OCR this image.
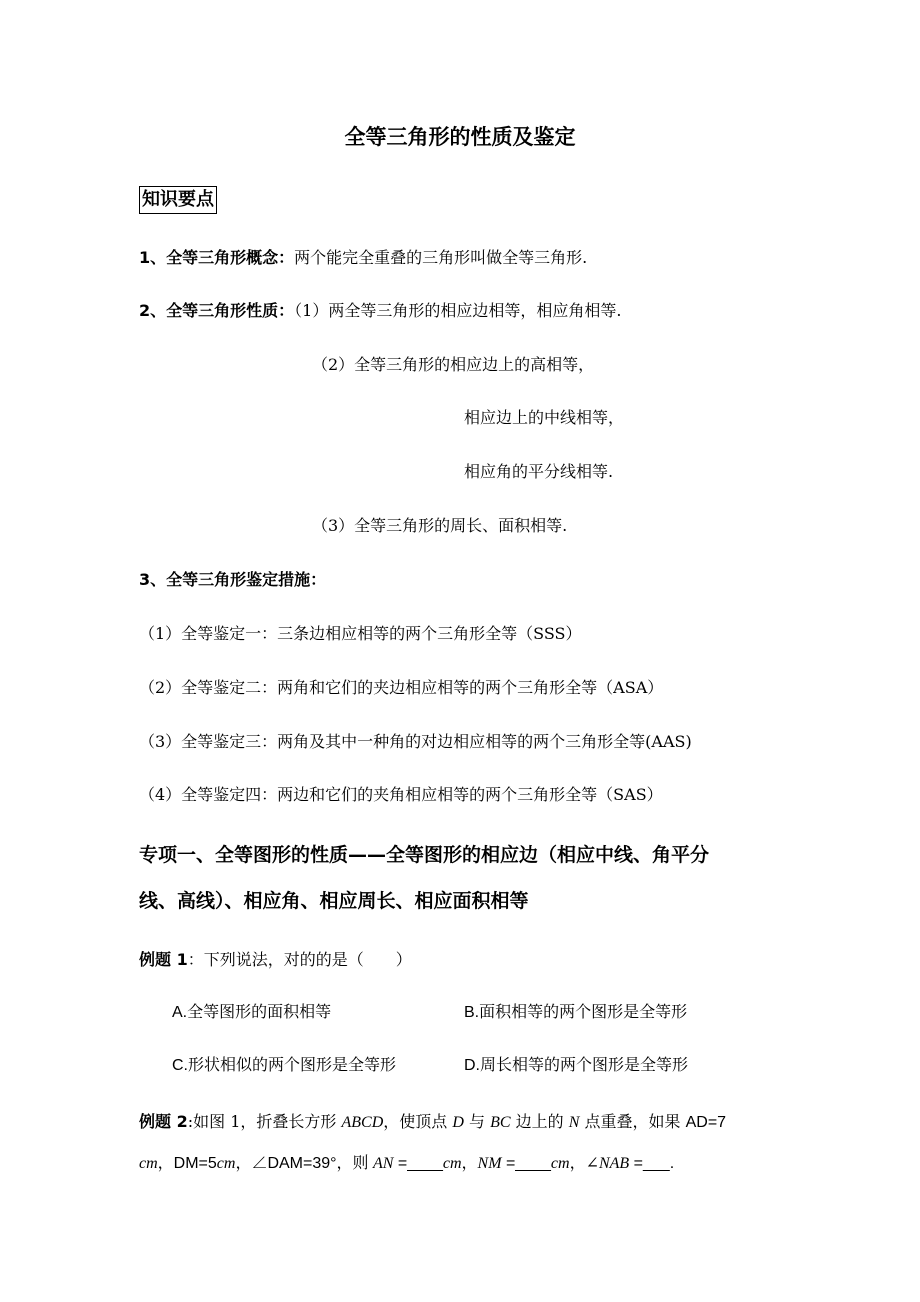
全等三角形的性质及鉴定
知识要点
1、全等三角形概念：两个能完全重叠的三角形叫做全等三角形.
2、全等三角形性质：（1）两全等三角形的相应边相等，相应角相等.
（2）全等三角形的相应边上的高相等，
相应边上的中线相等，
相应角的平分线相等.
（3）全等三角形的周长、面积相等.
3、全等三角形鉴定措施：
（1）全等鉴定一：三条边相应相等的两个三角形全等（SSS）
（2）全等鉴定二：两角和它们的夹边相应相等的两个三角形全等（ASA）
（3）全等鉴定三：两角及其中一种角的对边相应相等的两个三角形全等(AAS)
（4）全等鉴定四：两边和它们的夹角相应相等的两个三角形全等（SAS）
专项一、全等图形的性质——全等图形的相应边（相应中线、角平分
线、高线）、相应角、相应周长、相应面积相等
例题 1：下列说法，对的的是（　　）
A.全等图形的面积相等	B.面积相等的两个图形是全等形
C.形状相似的两个图形是全等形	D.周长相等的两个图形是全等形
例题 2:如图 1，折叠长方形 ABCD，使顶点 D 与 BC 边上的 N 点重叠，如果 AD=7
cm，DM=5cm，∠DAM=39°，则 AN =____cm，NM =____cm，∠NAB =___.
